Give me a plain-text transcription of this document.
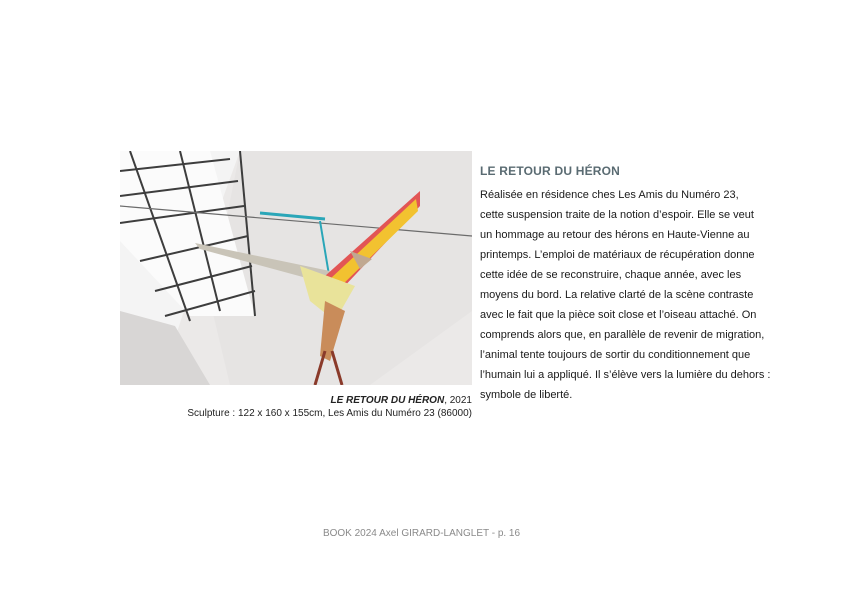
LE RETOUR DU HÉRON, 2021
Sculpture : 122 x 160 x 155cm, Les Amis du Numéro 23 (86000)
LE RETOUR DU HÉRON

Réalisée en résidence ches Les Amis du Numéro 23,

cette suspension traite de la notion d’espoir. Elle se veut

un hommage au retour des hérons en Haute-Vienne au

printemps. L’emploi de matériaux de récupération donne

cette idée de se reconstruire, chaque année, avec les

moyens du bord. La relative clarté de la scène contraste

avec le fait que la pièce soit close et l’oiseau attaché. On

comprends alors que, en parallèle de revenir de migration,

l’animal tente toujours de sortir du conditionnement que

l’humain lui a appliqué. Il s’élève vers la lumière du dehors :

symbole de liberté.

BOOK 2024 Axel GIRARD-LANGLET - p. 16
